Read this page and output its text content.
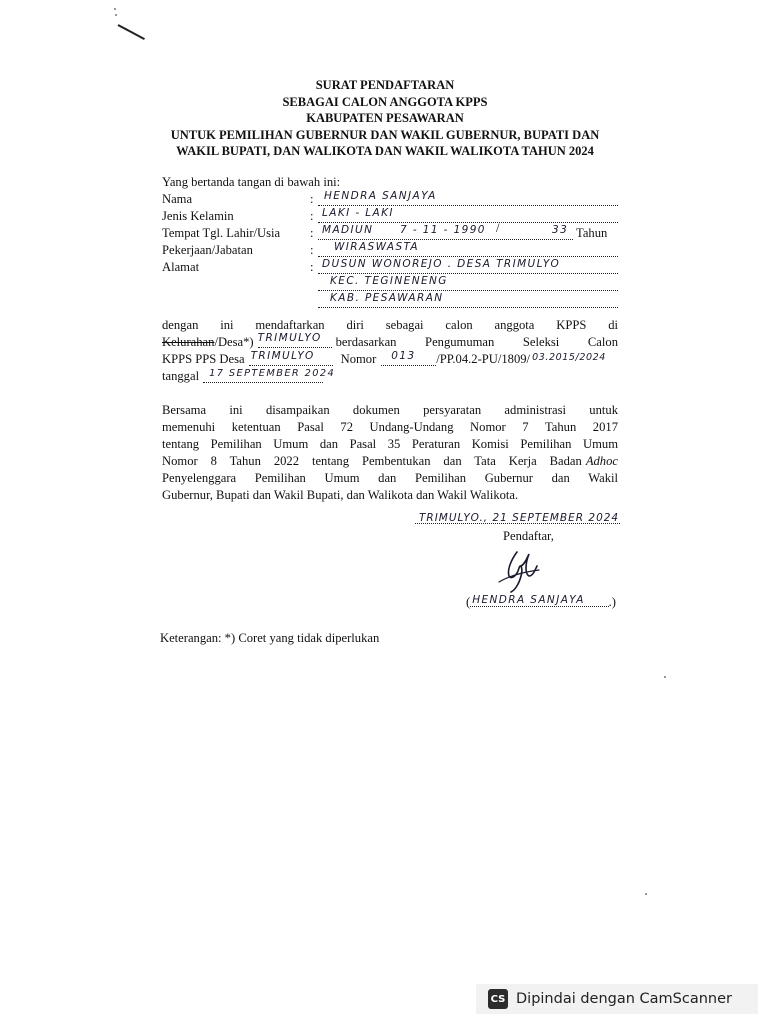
SURAT PENDAFTARAN
SEBAGAI CALON ANGGOTA KPPS
KABUPATEN PESAWARAN
UNTUK PEMILIHAN GUBERNUR DAN WAKIL GUBERNUR, BUPATI DAN
WAKIL BUPATI, DAN WALIKOTA DAN WAKIL WALIKOTA TAHUN 2024
Yang bertanda tangan di bawah ini:
Nama	:	HENDRA SANJAYA
Jenis Kelamin	: LAKI - LAKI
Tempat Tgl. Lahir/Usia	: MADIUN	7 - 11 - 1990 /	33 Tahun
Pekerjaan/Jabatan	:	WIRASWASTA
Alamat	: DUSUN WONOREJO . DESA TRIMULYO
KEC. TEGINENENG
KAB. PESAWARAN
dengan ini mendaftarkan diri sebagai calon anggota KPPS di
Kelurahan /Desa*) TRIMULYO berdasarkan Pengumuman Seleksi Calon
KPPS PPS Desa TRIMULYO Nomor 013 /PP.04.2-PU/1809/ 03.2015/2024
tanggal 17 SEPTEMBER 2024
Bersama ini disampaikan dokumen persyaratan administrasi untuk
memenuhi ketentuan Pasal 72 Undang-Undang Nomor 7 Tahun 2017
tentang Pemilihan Umum dan Pasal 35 Peraturan Komisi Pemilihan Umum
Nomor 8 Tahun 2022 tentang Pembentukan dan Tata Kerja Badan Adhoc
Penyelenggara Pemilihan Umum dan Pemilihan Gubernur dan Wakil
Gubernur, Bupati dan Wakil Bupati, dan Walikota dan Wakil Walikota.
TRIMULYO., 21 SEPTEMBER 2024
Pendaftar,
( HENDRA SANJAYA .)
Keterangan: *) Coret yang tidak diperlukan
CS Dipindai dengan CamScanner
